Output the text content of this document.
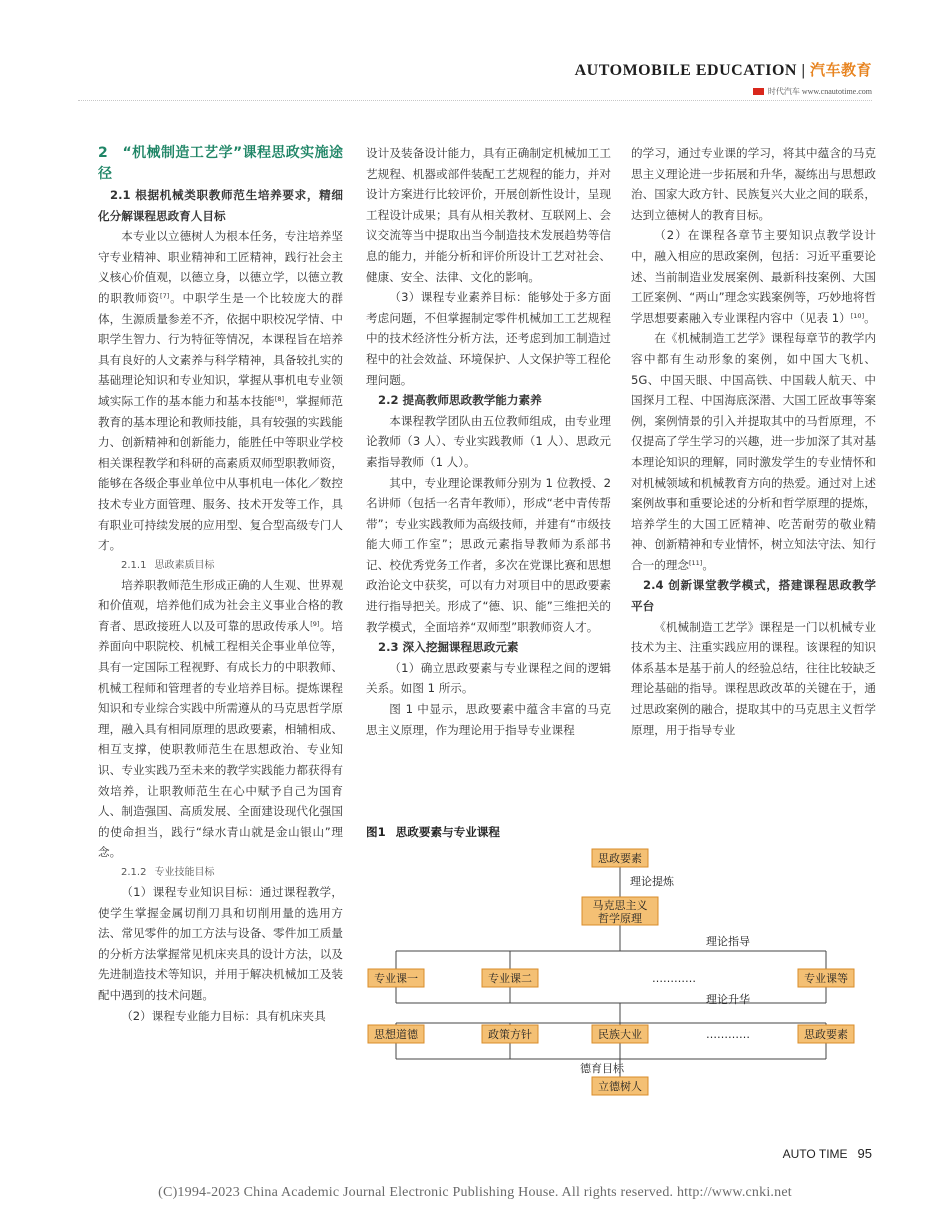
AUTOMOBILE EDUCATION | 汽车教育
时代汽车 www.cnautotime.com

2　“机械制造工艺学”课程思政实施途径

2.1 根据机械类职教师范生培养要求，精细化分解课程思政育人目标

本专业以立德树人为根本任务，专注培养坚守专业精神、职业精神和工匠精神，践行社会主义核心价值观，以德立身，以德立学，以德立教的职教师资[7]。中职学生是一个比较庞大的群体，生源质量参差不齐，依据中职校况学情、中职学生智力、行为特征等情况，本课程旨在培养具有良好的人文素养与科学精神，具备较扎实的基础理论知识和专业知识，掌握从事机电专业领域实际工作的基本能力和基本技能[8]，掌握师范教育的基本理论和教师技能，具有较强的实践能力、创新精神和创新能力，能胜任中等职业学校相关课程教学和科研的高素质双师型职教师资，能够在各级企事业单位中从事机电一体化／数控技术专业方面管理、服务、技术开发等工作，具有职业可持续发展的应用型、复合型高级专门人才。

2.1.1 思政素质目标

培养职教师范生形成正确的人生观、世界观和价值观，培养他们成为社会主义事业合格的教育者、思政接班人以及可靠的思政传承人[9]。培养面向中职院校、机械工程相关企事业单位等，具有一定国际工程视野、有成长力的中职教师、机械工程师和管理者的专业培养目标。提炼课程知识和专业综合实践中所需遵从的马克思哲学原理，融入具有相同原理的思政要素，相辅相成、相互支撑，使职教师范生在思想政治、专业知识、专业实践乃至未来的教学实践能力都获得有效培养，让职教师范生在心中赋予自己为国育人、制造强国、高质发展、全面建设现代化强国的使命担当，践行“绿水青山就是金山银山”理念。

2.1.2 专业技能目标

（1）课程专业知识目标：通过课程教学，使学生掌握金属切削刀具和切削用量的选用方法、常见零件的加工方法与设备、零件加工质量的分析方法掌握常见机床夹具的设计方法，以及先进制造技术等知识，并用于解决机械加工及装配中遇到的技术问题。

（2）课程专业能力目标：具有机床夹具

设计及装备设计能力，具有正确制定机械加工工艺规程、机器或部件装配工艺规程的能力，并对设计方案进行比较评价，开展创新性设计，呈现工程设计成果；具有从相关教材、互联网上、会议交流等当中提取出当今制造技术发展趋势等信息的能力，并能分析和评价所设计工艺对社会、健康、安全、法律、文化的影响。

（3）课程专业素养目标：能够处于多方面考虑问题，不但掌握制定零件机械加工工艺规程中的技术经济性分析方法，还考虑到加工制造过程中的社会效益、环境保护、人文保护等工程伦理问题。

2.2 提高教师思政教学能力素养

本课程教学团队由五位教师组成，由专业理论教师（3 人）、专业实践教师（1 人）、思政元素指导教师（1 人）。

其中，专业理论课教师分别为 1 位教授、2 名讲师（包括一名青年教师），形成“老中青传帮带”；专业实践教师为高级技师，并建有“市级技能大师工作室”；思政元素指导教师为系部书记、校优秀党务工作者，多次在党课比赛和思想政治论文中获奖，可以有力对项目中的思政要素进行指导把关。形成了“德、识、能”三维把关的教学模式，全面培养“双师型”职教师资人才。

2.3 深入挖掘课程思政元素

（1）确立思政要素与专业课程之间的逻辑关系。如图 1 所示。

图 1 中显示，思政要素中蕴含丰富的马克思主义原理，作为理论用于指导专业课程

的学习，通过专业课的学习，将其中蕴含的马克思主义理论进一步拓展和升华，凝练出与思想政治、国家大政方针、民族复兴大业之间的联系，达到立德树人的教育目标。

（2）在课程各章节主要知识点教学设计中，融入相应的思政案例，包括：习近平重要论述、当前制造业发展案例、最新科技案例、大国工匠案例、“两山”理念实践案例等，巧妙地将哲学思想要素融入专业课程内容中（见表 1）[10]。

在《机械制造工艺学》课程每章节的教学内容中都有生动形象的案例，如中国大飞机、5G、中国天眼、中国高铁、中国载人航天、中国探月工程、中国海底深潜、大国工匠故事等案例，案例情景的引入并提取其中的马哲原理，不仅提高了学生学习的兴趣，进一步加深了其对基本理论知识的理解，同时激发学生的专业情怀和对机械领域和机械教育方向的热爱。通过对上述案例故事和重要论述的分析和哲学原理的提炼，培养学生的大国工匠精神、吃苦耐劳的敬业精神、创新精神和专业情怀，树立知法守法、知行合一的理念[11]。

2.4 创新课堂教学模式，搭建课程思政教学平台

《机械制造工艺学》课程是一门以机械专业技术为主、注重实践应用的课程。该课程的知识体系基本是基于前人的经验总结，往往比较缺乏理论基础的指导。课程思政改革的关键在于，通过思政案例的融合，提取其中的马克思主义哲学原理，用于指导专业

图1 思政要素与专业课程
思政要素
马克思主义
哲学原理
专业课一	专业课二	专业课等
思想道德	政策方针	民族大业	思政要素
立德树人
理论提炼
理论指导
…………
理论升华
…………
德育目标
AUTO TIME 95
(C)1994-2023 China Academic Journal Electronic Publishing House. All rights reserved. http://www.cnki.net
